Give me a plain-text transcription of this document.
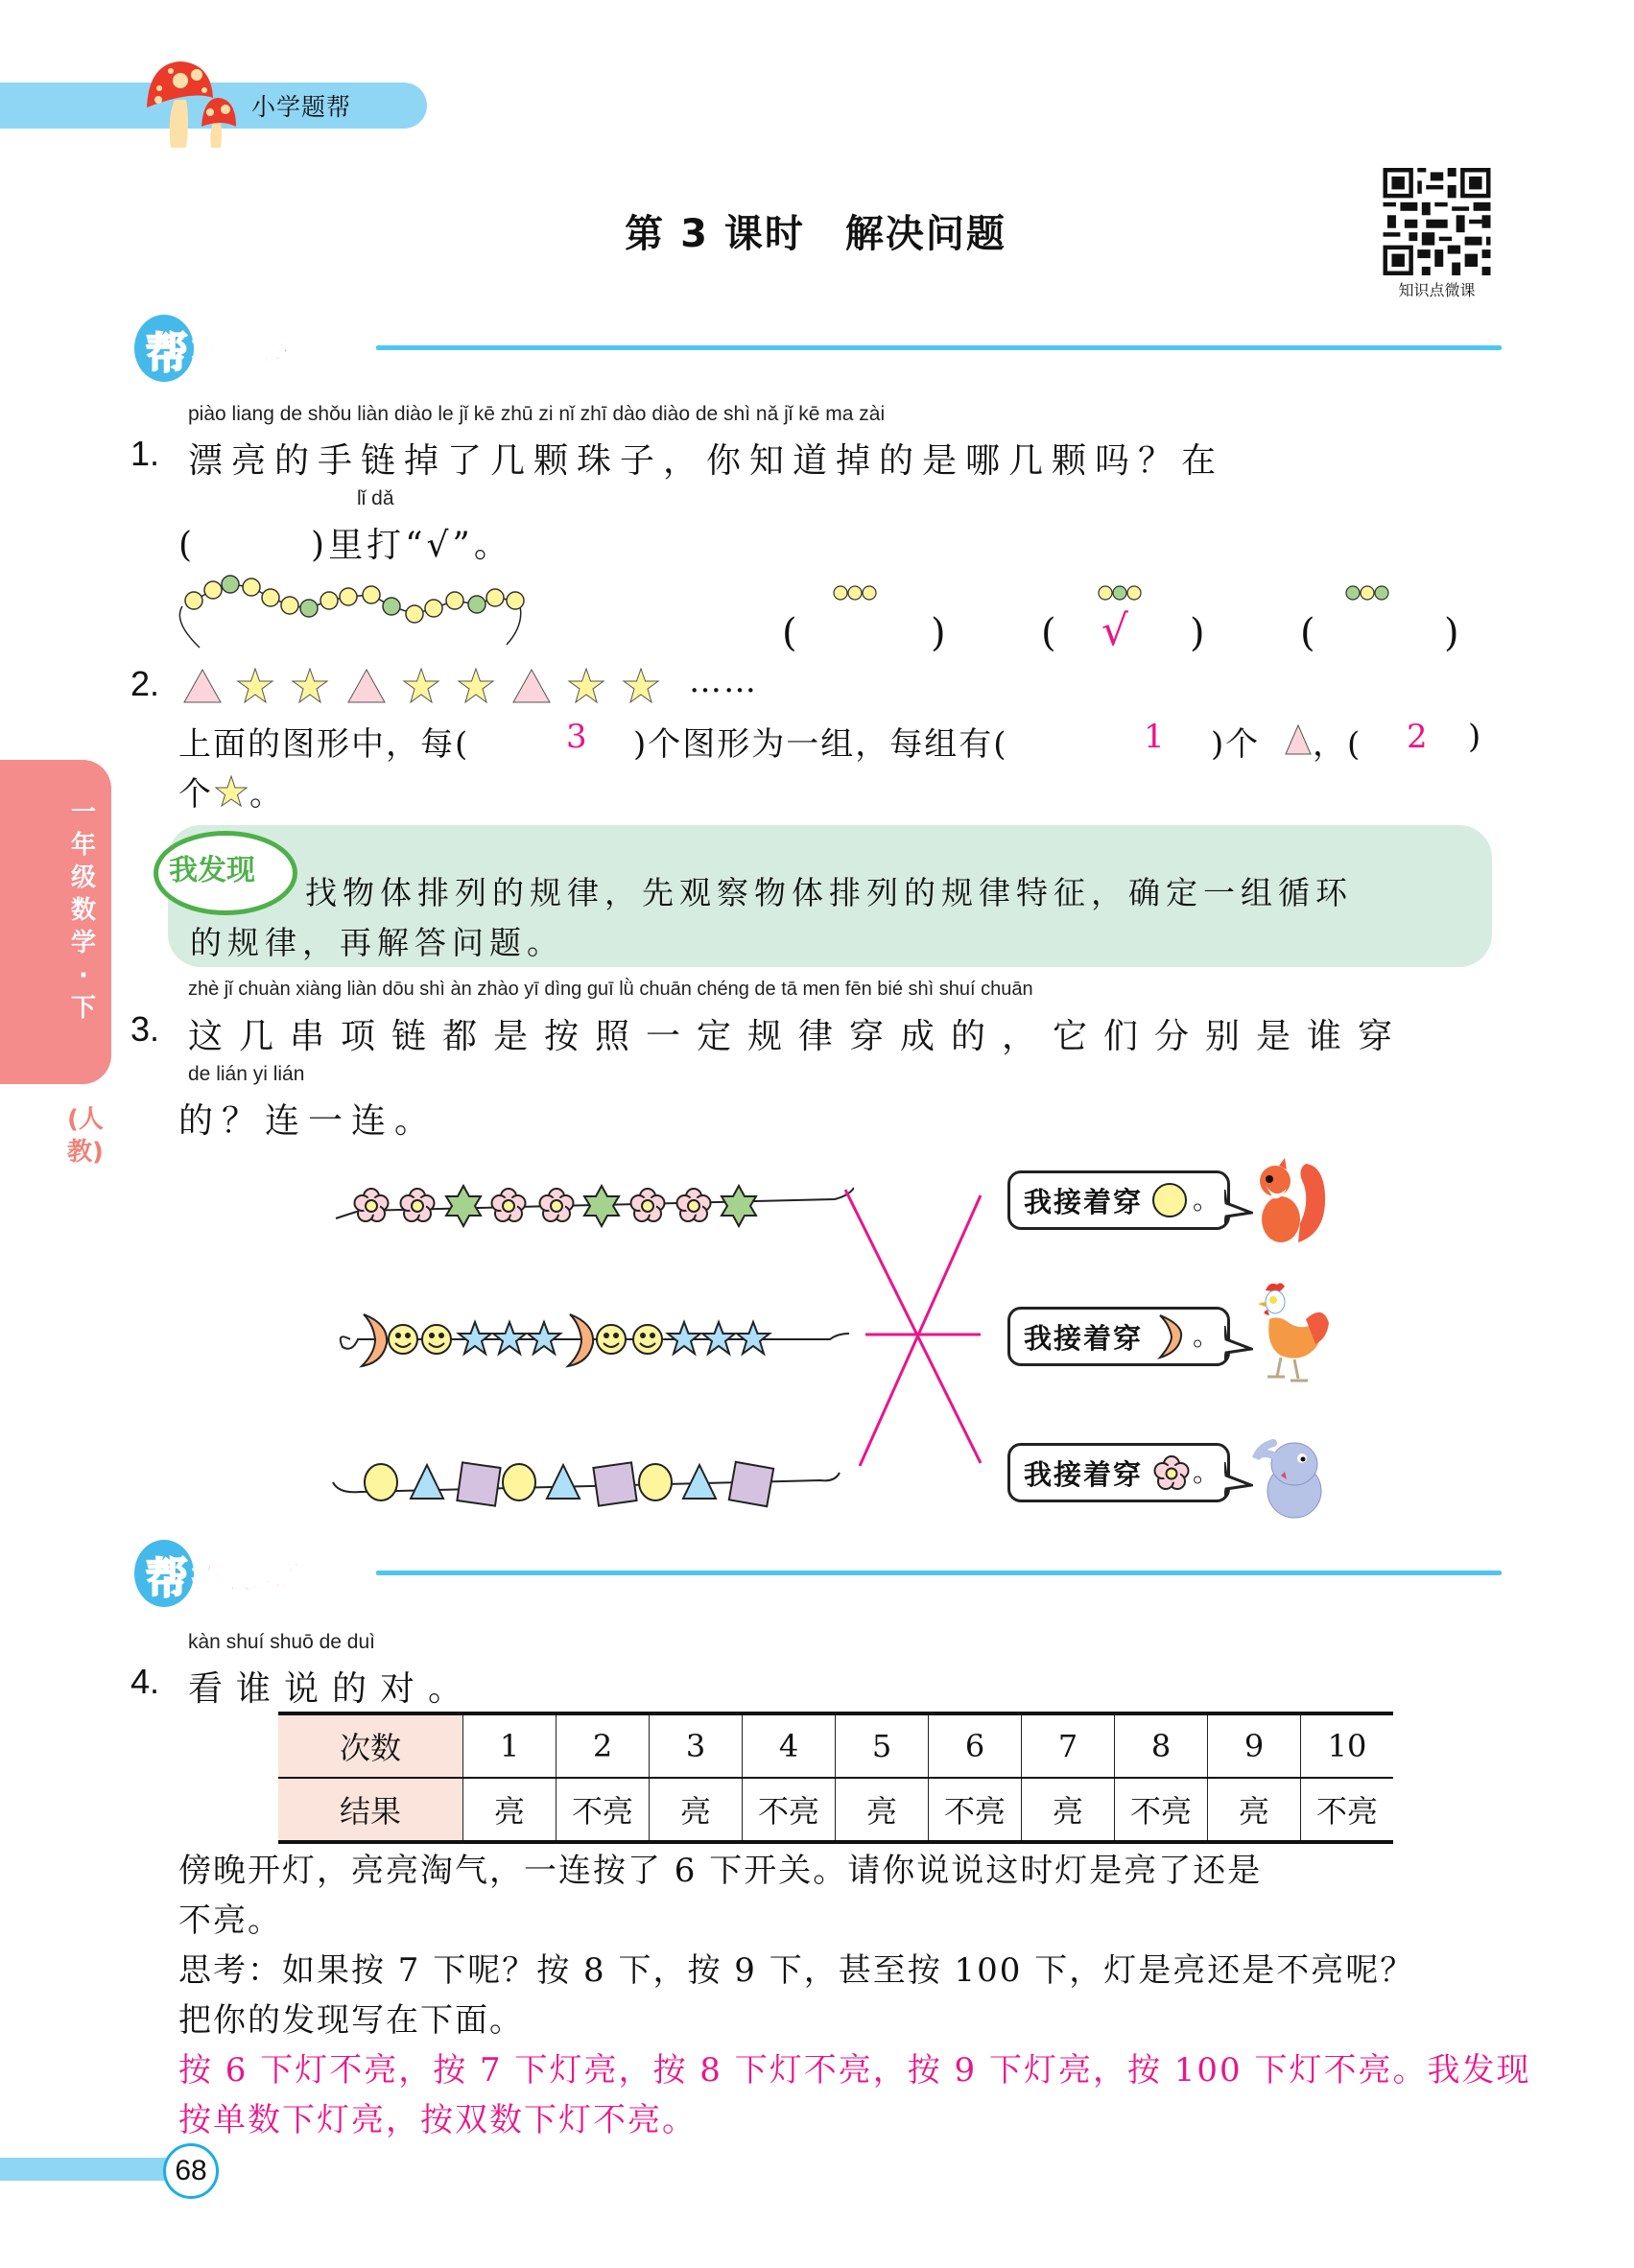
小学题帮
第 3 课时　解决问题
知识点微课
一年级数学·下
(人教)
帮 巩固基础
piào liang de shǒu liàn diào le jǐ kē zhū zi nǐ zhī dào diào de shì nǎ jǐ kē ma zài
1. 漂亮的手链掉了几颗珠子，你知道掉的是哪几颗吗？在
lǐ dǎ
(　　　)里打“√”。
(	) ( √ ) (	)
2.	……
上面的图形中，每(	3 )个图形为一组，每组有(	1 )个 ，( 2 )
个 。
我发现
找物体排列的规律，先观察物体排列的规律特征，确定一组循环
的规律，再解答问题。
zhè jǐ chuàn xiàng liàn dōu shì àn zhào yī dìng guī lǜ chuān chéng de tā men fēn bié shì shuí chuān
3. 这几串项链都是按照一定规律穿成的，它们分别是谁穿
de lián yi lián
的？连一连。
我接着穿 。
我接着穿 。
我接着穿 。
帮 拓展思维
kàn shuí shuō de duì
4. 看谁说的对。
次数	1	2	3	4	5	6	7	8	9	10
结果	亮	不亮	亮	不亮	亮	不亮	亮	不亮	亮	不亮
傍晚开灯，亮亮淘气，一连按了 6 下开关。请你说说这时灯是亮了还是
不亮。
思考：如果按 7 下呢？按 8 下，按 9 下，甚至按 100 下，灯是亮还是不亮呢？
把你的发现写在下面。
按 6 下灯不亮，按 7 下灯亮，按 8 下灯不亮，按 9 下灯亮，按 100 下灯不亮。我发现
按单数下灯亮，按双数下灯不亮。
68
